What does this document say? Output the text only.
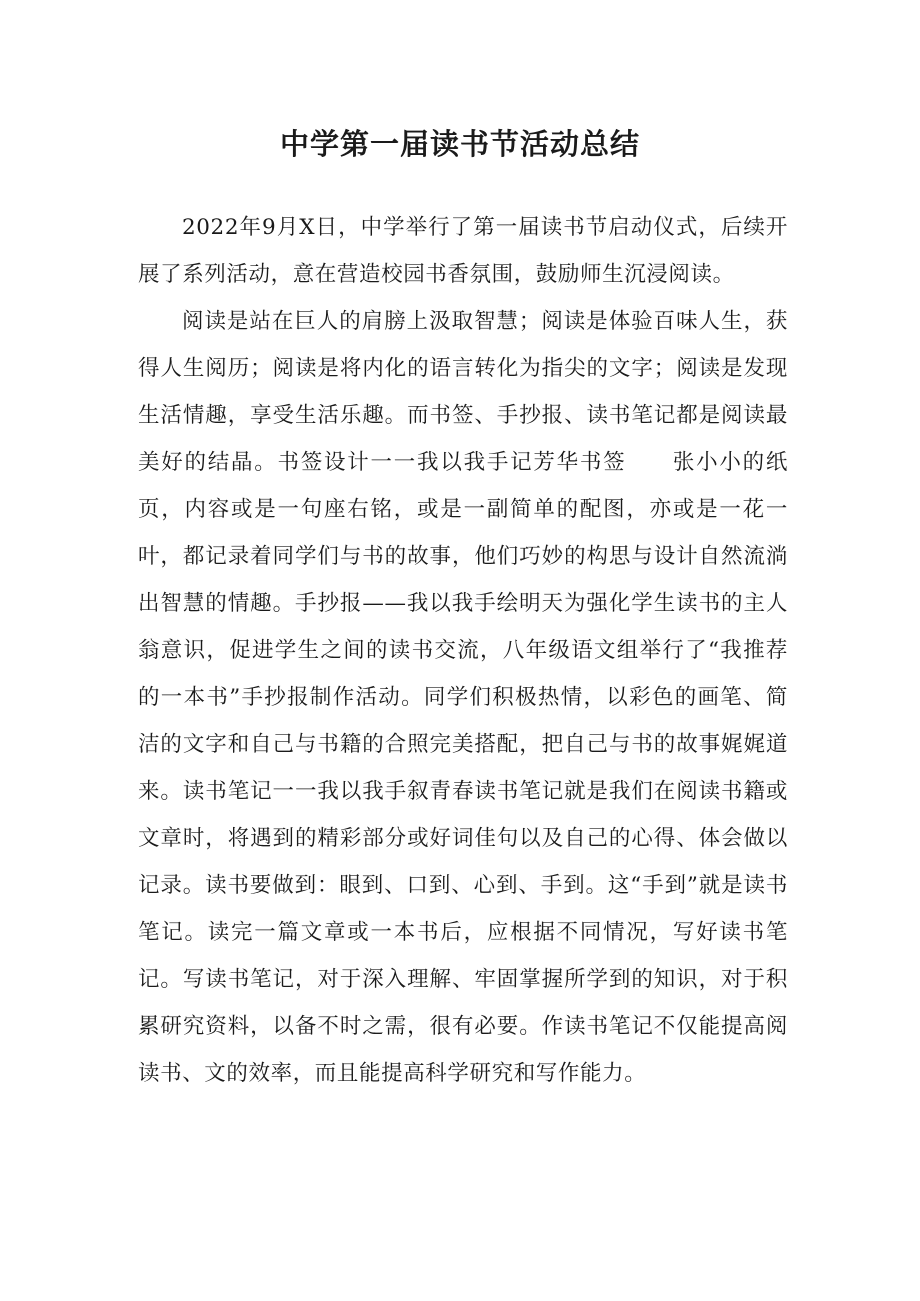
中学第一届读书节活动总结

2022年9月X日，中学举行了第一届读书节启动仪式，后续开展了系列活动，意在营造校园书香氛围，鼓励师生沉浸阅读。

阅读是站在巨人的肩膀上汲取智慧；阅读是体验百味人生，获得人生阅历；阅读是将内化的语言转化为指尖的文字；阅读是发现生活情趣，享受生活乐趣。而书签、手抄报、读书笔记都是阅读最美好的结晶。书签设计一一我以我手记芳华书签　　张小小的纸页，内容或是一句座右铭，或是一副简单的配图，亦或是一花一叶，都记录着同学们与书的故事，他们巧妙的构思与设计自然流淌出智慧的情趣。手抄报——我以我手绘明天为强化学生读书的主人翁意识，促进学生之间的读书交流，八年级语文组举行了“我推荐的一本书”手抄报制作活动。同学们积极热情，以彩色的画笔、简洁的文字和自己与书籍的合照完美搭配，把自己与书的故事娓娓道来。读书笔记一一我以我手叙青春读书笔记就是我们在阅读书籍或文章时，将遇到的精彩部分或好词佳句以及自己的心得、体会做以记录。读书要做到：眼到、口到、心到、手到。这“手到”就是读书笔记。读完一篇文章或一本书后，应根据不同情况，写好读书笔记。写读书笔记，对于深入理解、牢固掌握所学到的知识，对于积累研究资料，以备不时之需，很有必要。作读书笔记不仅能提高阅读书、文的效率，而且能提高科学研究和写作能力。
